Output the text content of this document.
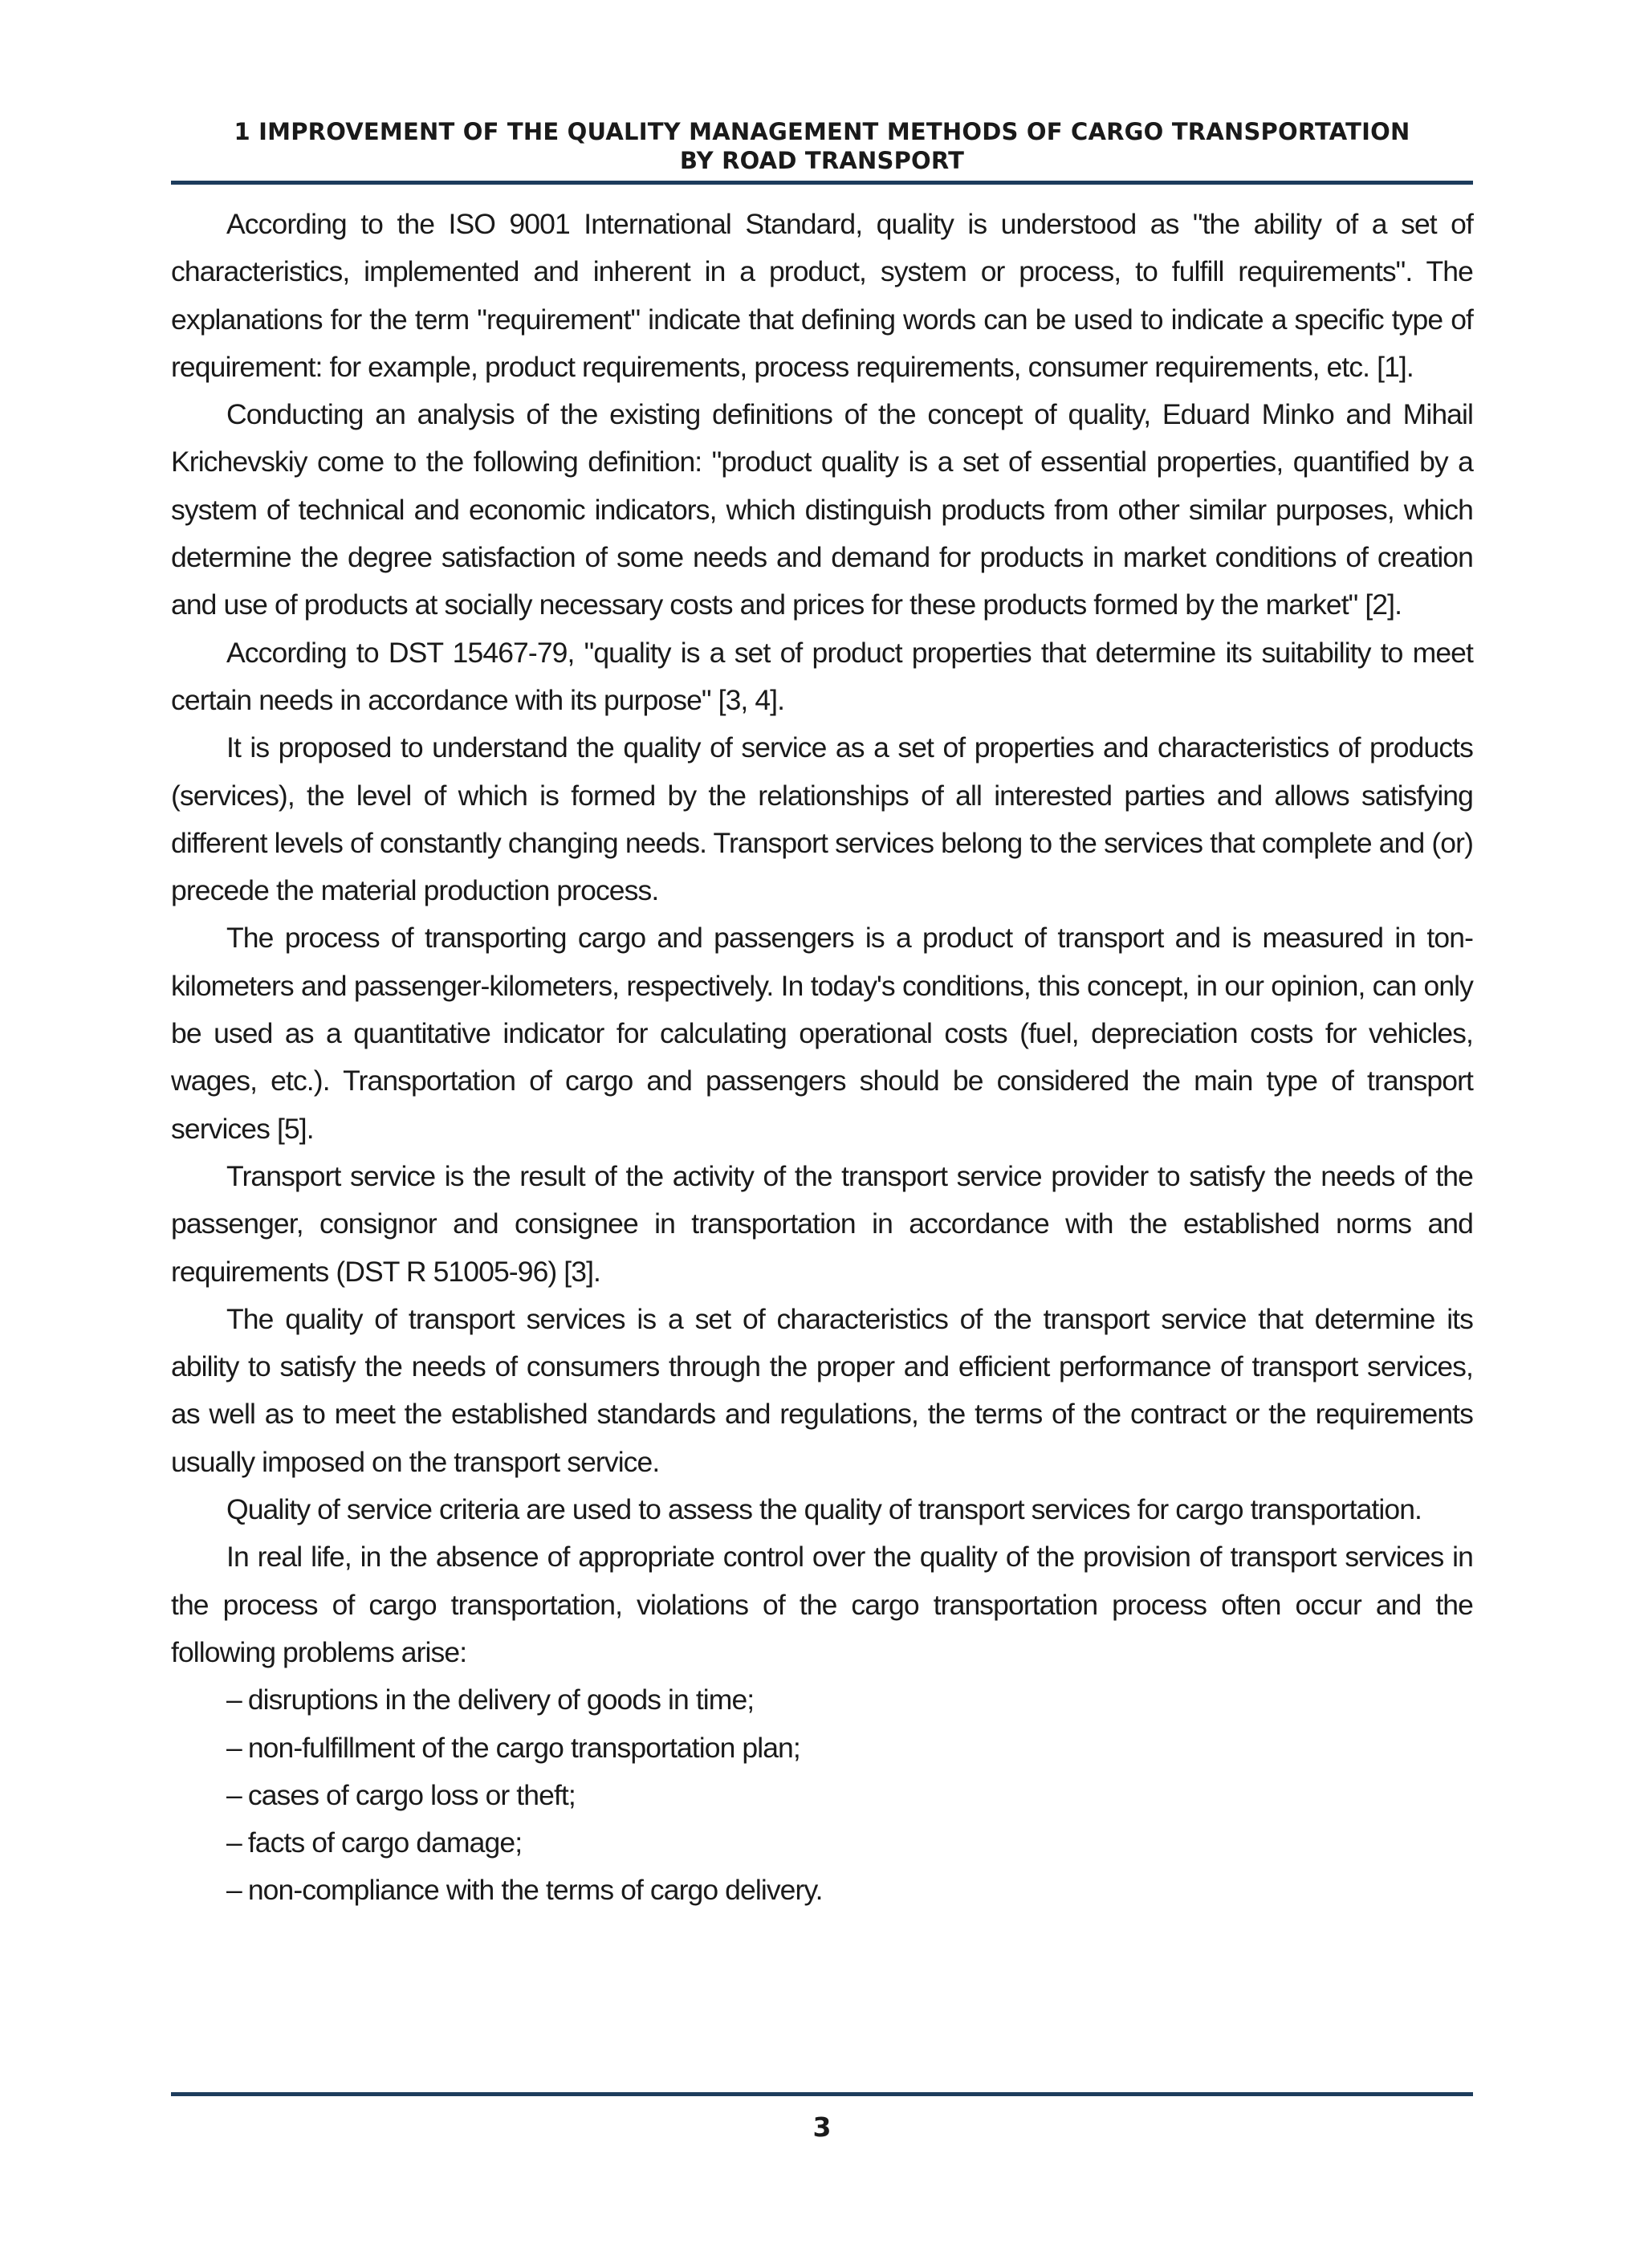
1 IMPROVEMENT OF THE QUALITY MANAGEMENT METHODS OF CARGO TRANSPORTATION
BY ROAD TRANSPORT

According to the ISO 9001 International Standard, quality is understood as "the ability of a set of characteristics, implemented and inherent in a product, system or process, to fulfill requirements". The explanations for the term "requirement" indicate that defining words can be used to indicate a specific type of requirement: for example, product requirements, process requirements, consumer requirements, etc. [1].

Conducting an analysis of the existing definitions of the concept of quality, Eduard Minko and Mihail Krichevskiy come to the following definition: "product quality is a set of essential properties, quantified by a system of technical and economic indicators, which distinguish products from other similar purposes, which determine the degree satisfaction of some needs and demand for products in market conditions of creation and use of products at socially necessary costs and prices for these products formed by the market" [2].

According to DST 15467-79, "quality is a set of product properties that determine its suitability to meet certain needs in accordance with its purpose" [3, 4].

It is proposed to understand the quality of service as a set of properties and characteristics of products (services), the level of which is formed by the relationships of all interested parties and allows satisfying different levels of constantly changing needs. Transport services belong to the services that complete and (or) precede the material production process.

The process of transporting cargo and passengers is a product of transport and is measured in ton-kilometers and passenger-kilometers, respectively. In today's conditions, this concept, in our opinion, can only be used as a quantitative indicator for calculating operational costs (fuel, depreciation costs for vehicles, wages, etc.). Transportation of cargo and passengers should be considered the main type of transport services [5].

Transport service is the result of the activity of the transport service provider to satisfy the needs of the passenger, consignor and consignee in transportation in accordance with the established norms and requirements (DST R 51005-96) [3].

The quality of transport services is a set of characteristics of the transport service that determine its ability to satisfy the needs of consumers through the proper and efficient performance of transport services, as well as to meet the established standards and regulations, the terms of the contract or the requirements usually imposed on the transport service.

Quality of service criteria are used to assess the quality of transport services for cargo transportation.

In real life, in the absence of appropriate control over the quality of the provision of transport services in the process of cargo transportation, violations of the cargo transportation process often occur and the following problems arise:

– disruptions in the delivery of goods in time;
– non-fulfillment of the cargo transportation plan;
– cases of cargo loss or theft;
– facts of cargo damage;
– non-compliance with the terms of cargo delivery.
3
